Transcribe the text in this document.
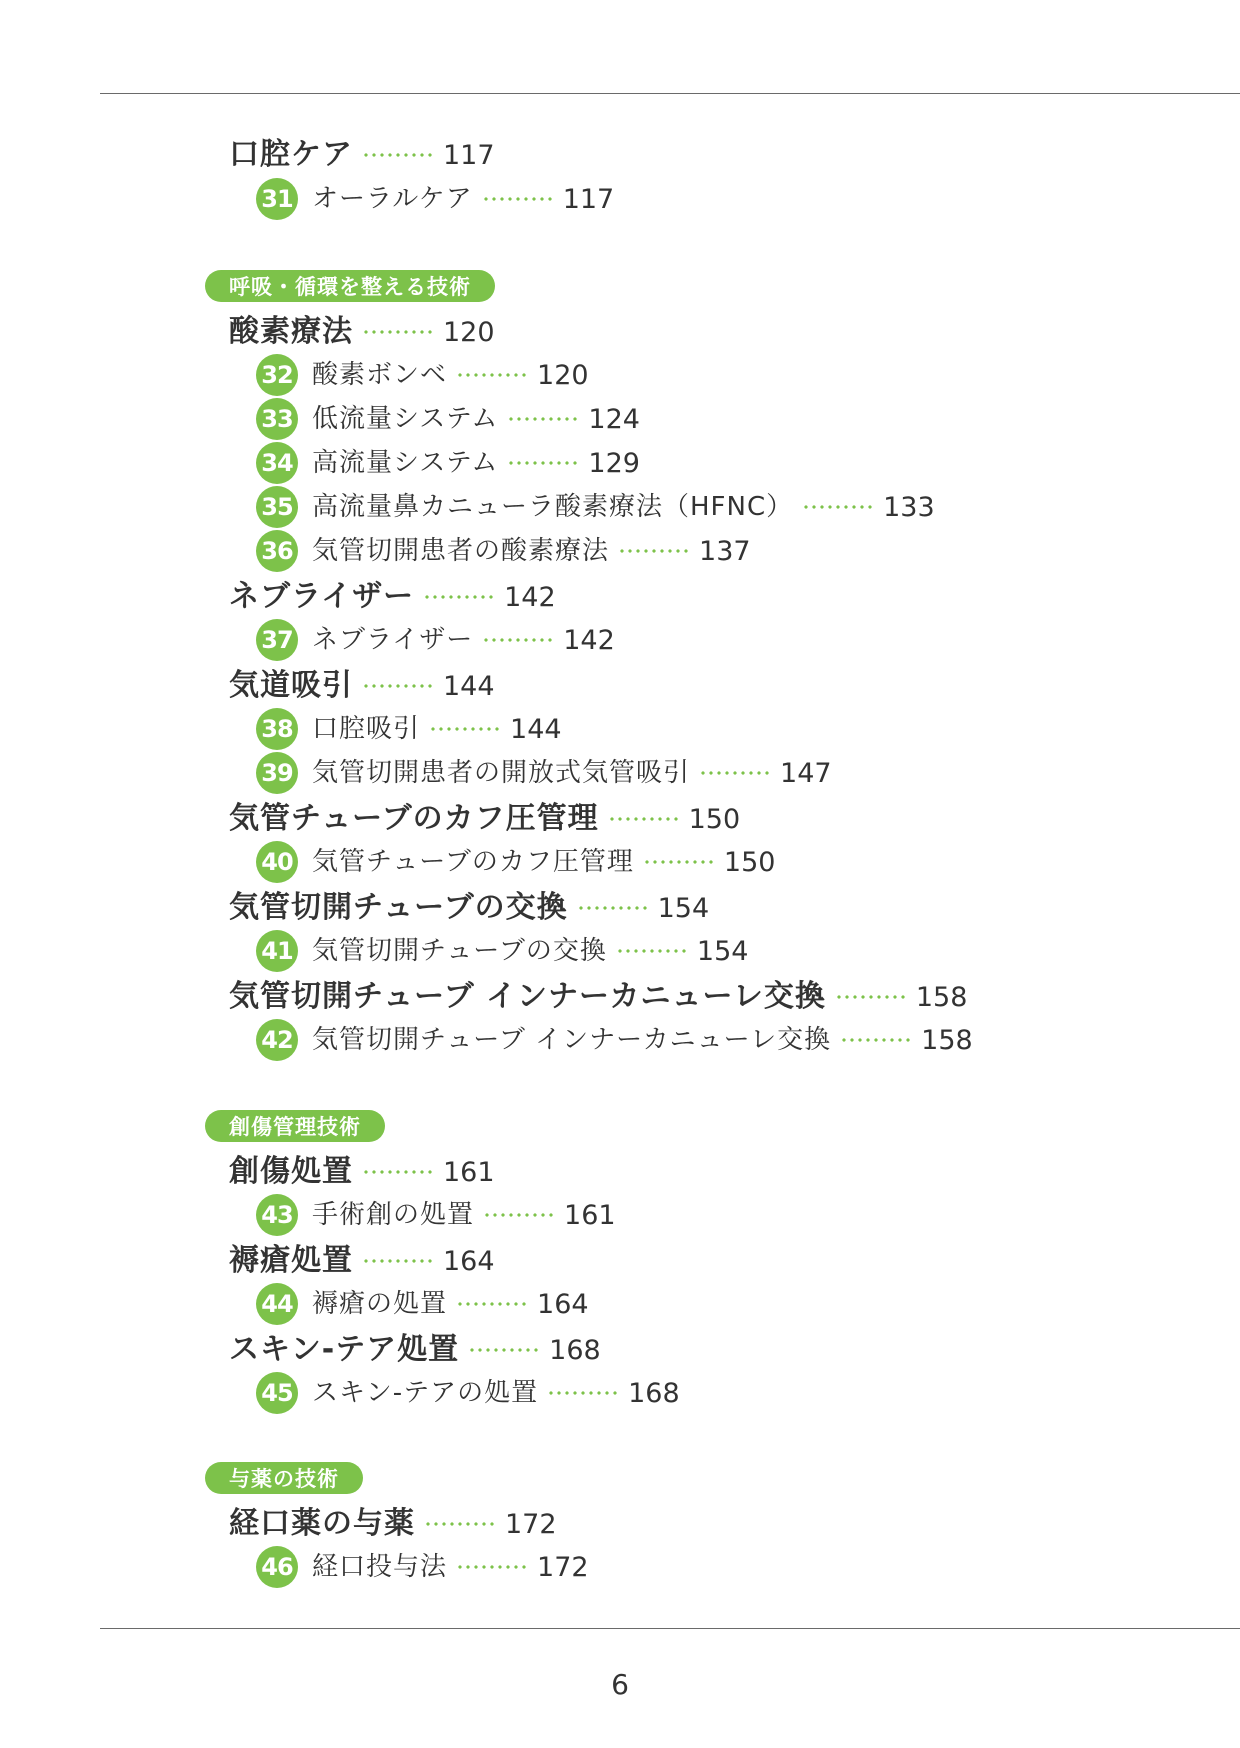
呼吸・循環を整える技術
創傷管理技術
与薬の技術
口腔ケア	117
31 オーラルケア	117
酸素療法	120
32 酸素ボンベ	120
33 低流量システム	124
34 高流量システム	129
35 高流量鼻カニューラ酸素療法（HFNC）	133
36 気管切開患者の酸素療法	137
ネブライザー	142
37 ネブライザー	142
気道吸引	144
38 口腔吸引	144
39 気管切開患者の開放式気管吸引	147
気管チューブのカフ圧管理	150
40 気管チューブのカフ圧管理	150
気管切開チューブの交換	154
41 気管切開チューブの交換	154
気管切開チューブ インナーカニューレ交換	158
42 気管切開チューブ インナーカニューレ交換	158
創傷処置	161
43 手術創の処置	161
褥瘡処置	164
44 褥瘡の処置	164
スキン-テア処置	168
45 スキン-テアの処置	168
経口薬の与薬	172
46 経口投与法	172
6
